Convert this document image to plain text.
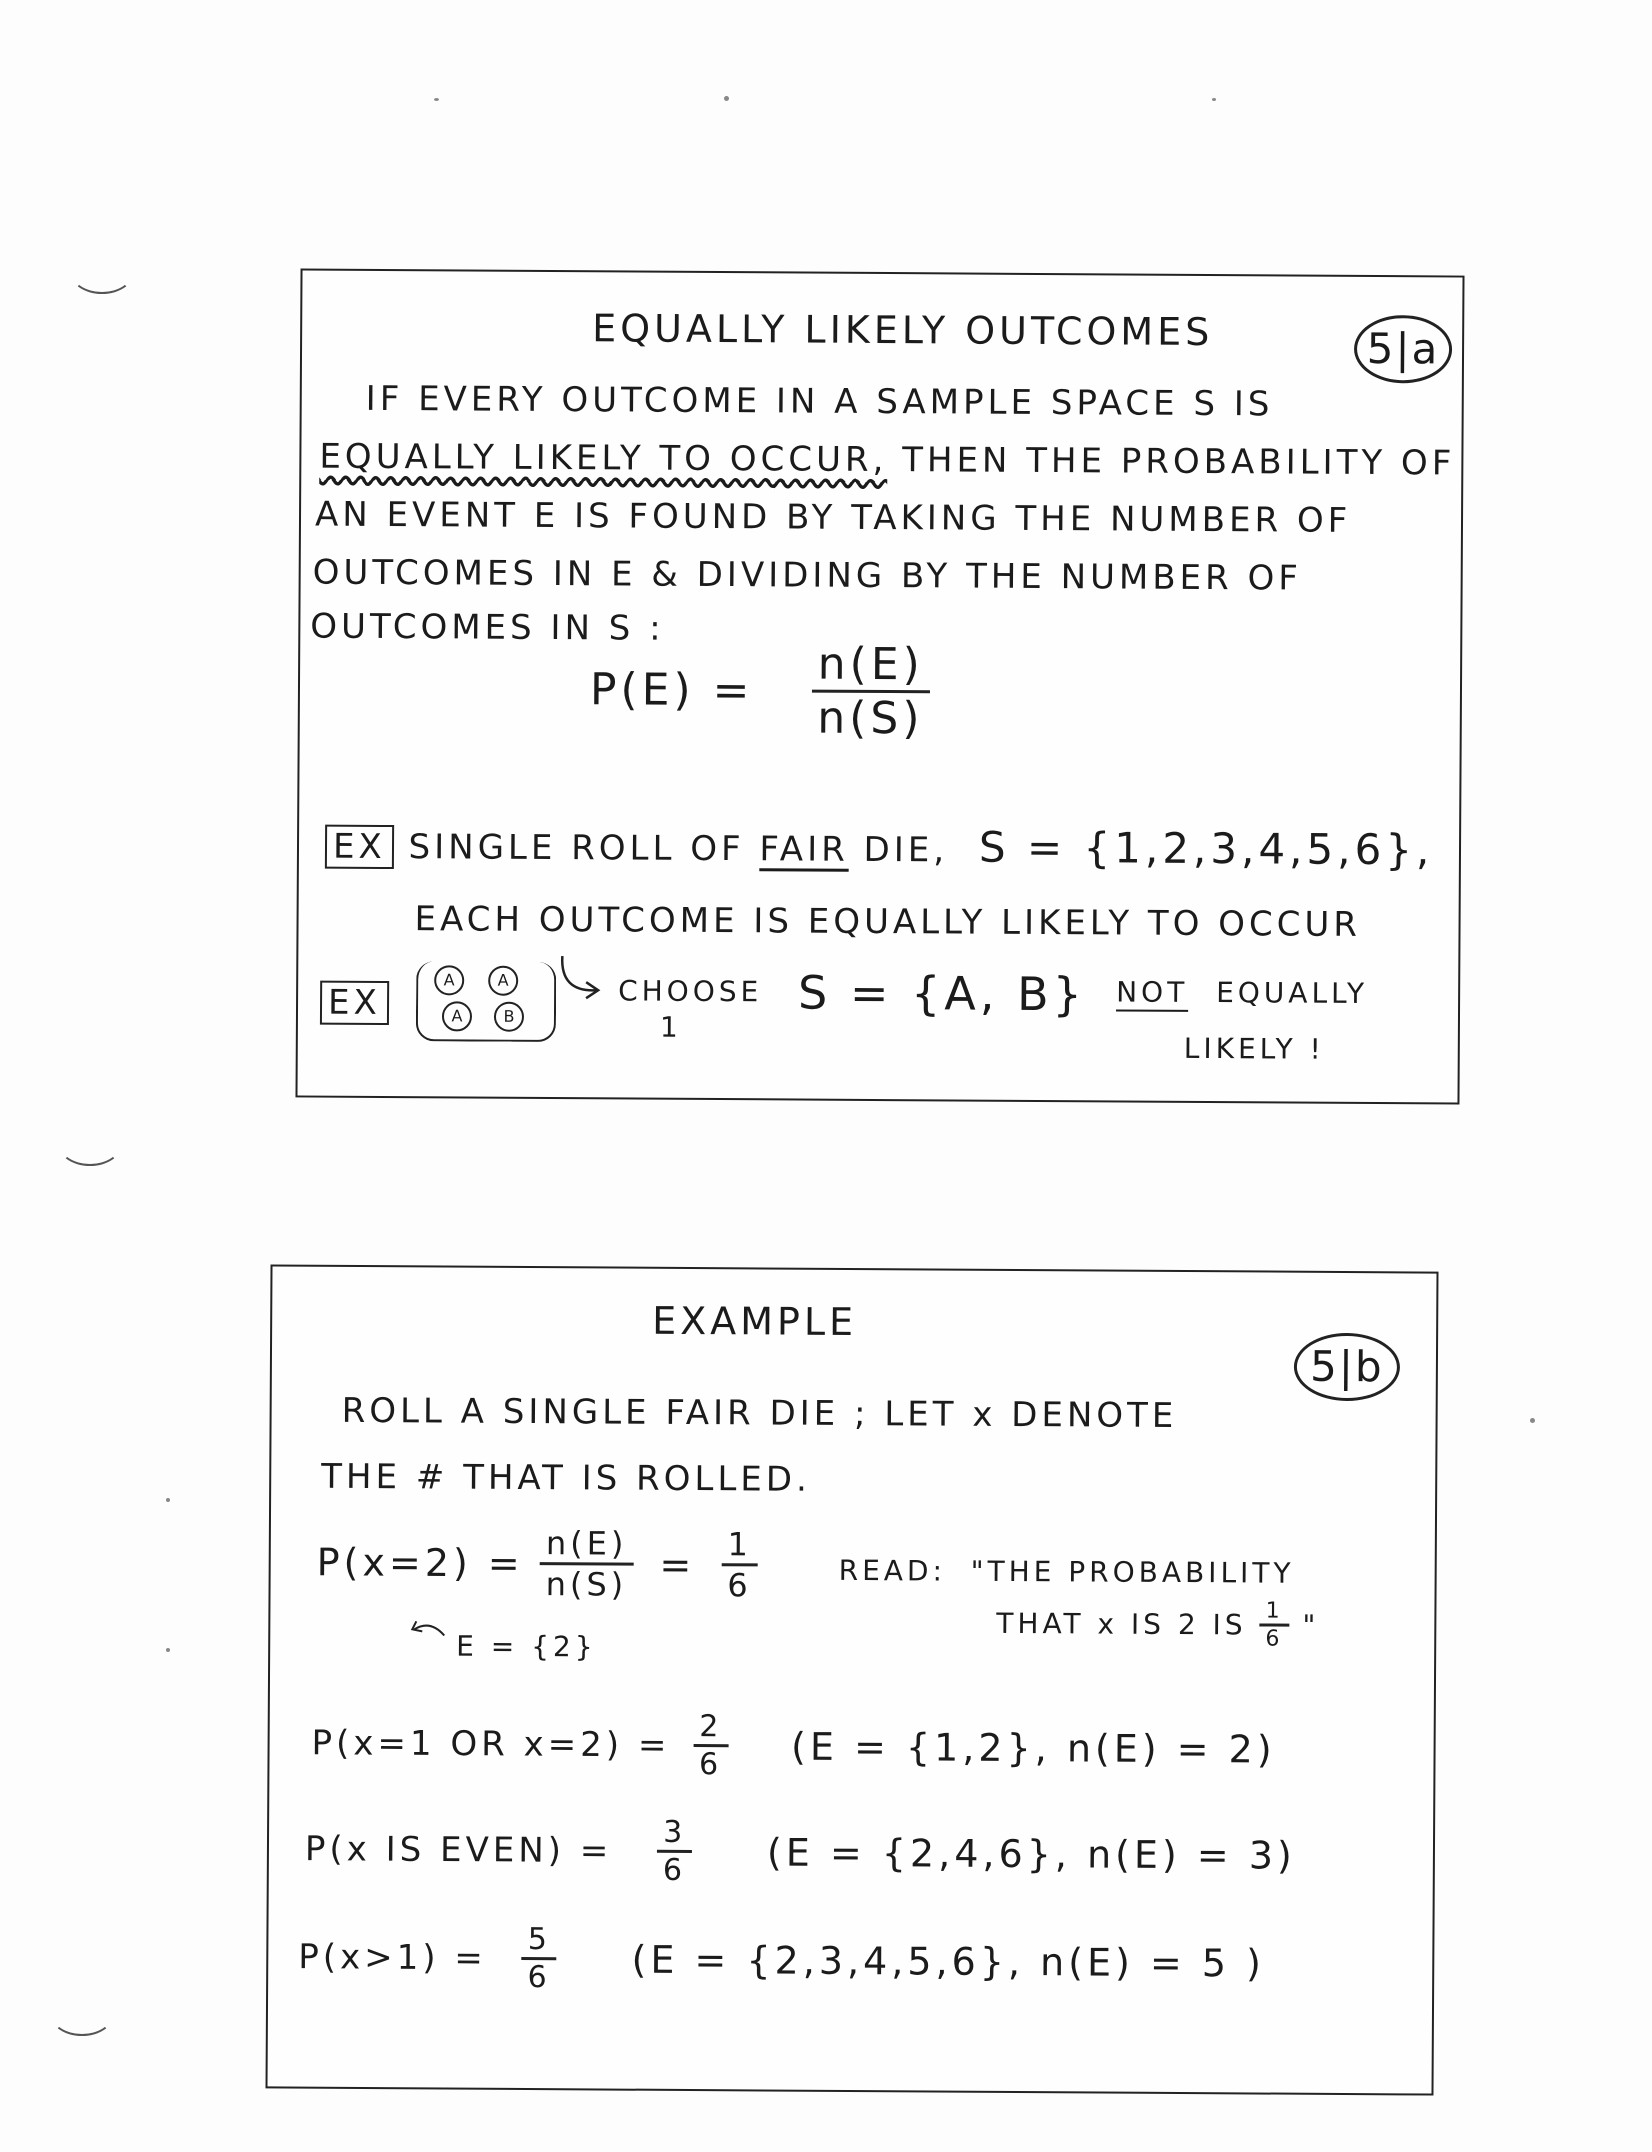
EQUALLY LIKELY OUTCOMES	5|a
IF EVERY OUTCOME IN A SAMPLE SPACE S IS
EQUALLY LIKELY TO OCCUR, THEN THE PROBABILITY OF
AN EVENT E IS FOUND BY TAKING THE NUMBER OF
OUTCOMES IN E & DIVIDING BY THE NUMBER OF
OUTCOMES IN S :
$P(E) = \frac{n(E)}{n(S)}$
EX SINGLE ROLL OF FAIR DIE, S = {1,2,3,4,5,6},
EACH OUTCOME IS EQUALLY LIKELY TO OCCUR
EX
A	A
A	B
CHOOSE
1
S = {A, B} NOT EQUALLY
LIKELY !
EXAMPLE
5|b
ROLL A SINGLE FAIR DIE ; LET x DENOTE
THE # THAT IS ROLLED.
$P(x=2) = \frac{n(E)}{n(S)} = \frac{1}{6}$	READ: "THE PROBABILITY
THAT x IS 2 IS $\frac{1}{6}$ "
E = {2}
P(x=1 OR $x=2) = \frac{2}{6} (E = \{1,2\}$, n(E) = 2)
P(x IS EVEN) = $\frac{3}{6} (E = \{2,4,6\}$, n(E) = 3)
$P(x>1) = \frac{5}{6} (E = \{2,3,4,5,6\}$, n(E) = 5 )
